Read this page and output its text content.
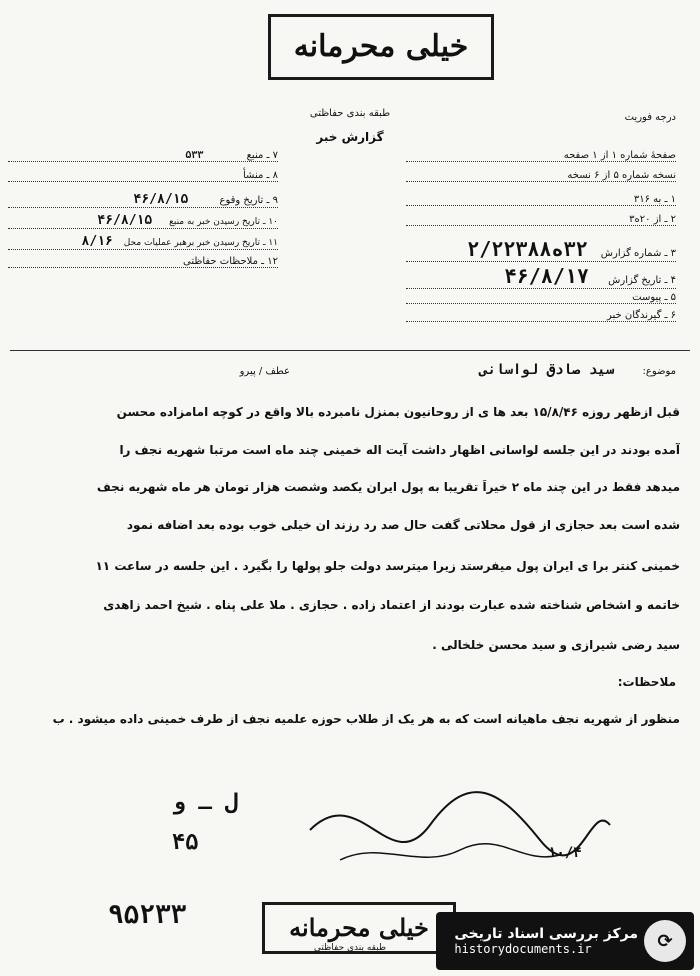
خیلی محرمانه
طبقه بندی حفاظتی
گزارش خبر
درجه فوریت
صفحهٔ شماره ۱ از ۱ صفحه
نسخه شماره ۵ از ۶ نسخه
۱ ـ به ۳۱۶
۲ ـ از ۲۰ه۳
۳ ـ شماره گزارش ۳۲ه۲/۲۲۳۸۸
۴ ـ تاریخ گزارش ۴۶/۸/۱۷
۵ ـ پیوست
۶ ـ گیرندگان خبر
۷ ـ منبع ۵۳۳
۸ ـ منشأ
۹ ـ تاریخ وقوع ۴۶/۸/۱۵
۱۰ ـ تاریخ رسیدن خبر به منبع ۴۶/۸/۱۵
۱۱ ـ تاریخ رسیدن خبر برهبر عملیات محل ۸/۱۶
۱۲ ـ ملاحظات حفاظتی
موضوع:
سید صادق لواسانی
عطف / پیرو
قبل ازظهر روزه ۱۵/۸/۴۶ بعد ها ی از روحانیون بمنزل نامبرده بالا واقع در کوچه امامزاده محسن
آمده بودند در این جلسه لواسانی اظهار داشت آیت اله خمینی چند ماه است مرتبا شهریه نجف را
میدهد فقط در این چند ماه ۲ خیراً تقریبا به پول ایران یکصد وشصت هزار تومان هر ماه شهریه نجف
شده است بعد حجازی از قول محلاتی گفت حال صد رد رزند ان خیلی خوب بوده بعد اضافه نمود
خمینی کنتر برا ی ایران پول میفرستد زیرا میترسد دولت جلو پولها را بگیرد . این جلسه در ساعت ۱۱
خاتمه و اشخاص شناخته شده عبارت بودند از اعتماد زاده . حجازی . ملا علی پناه . شیخ احمد زاهدی
سید رضی شیرازی و سید محسن خلخالی .
ملاحظات:
منظور از شهریه نجف ماهیانه است که به هر یک از طلاب حوزه علمیه نجف از طرف خمینی داده میشود . ب
ل ـ و
۴۵
۹۵۲۳۳
۱۰/۴
خیلی محرمانه
طبقه بندی حفاظتی
مرکز بررسی اسناد تاریخی
historydocuments.ir	⟳
